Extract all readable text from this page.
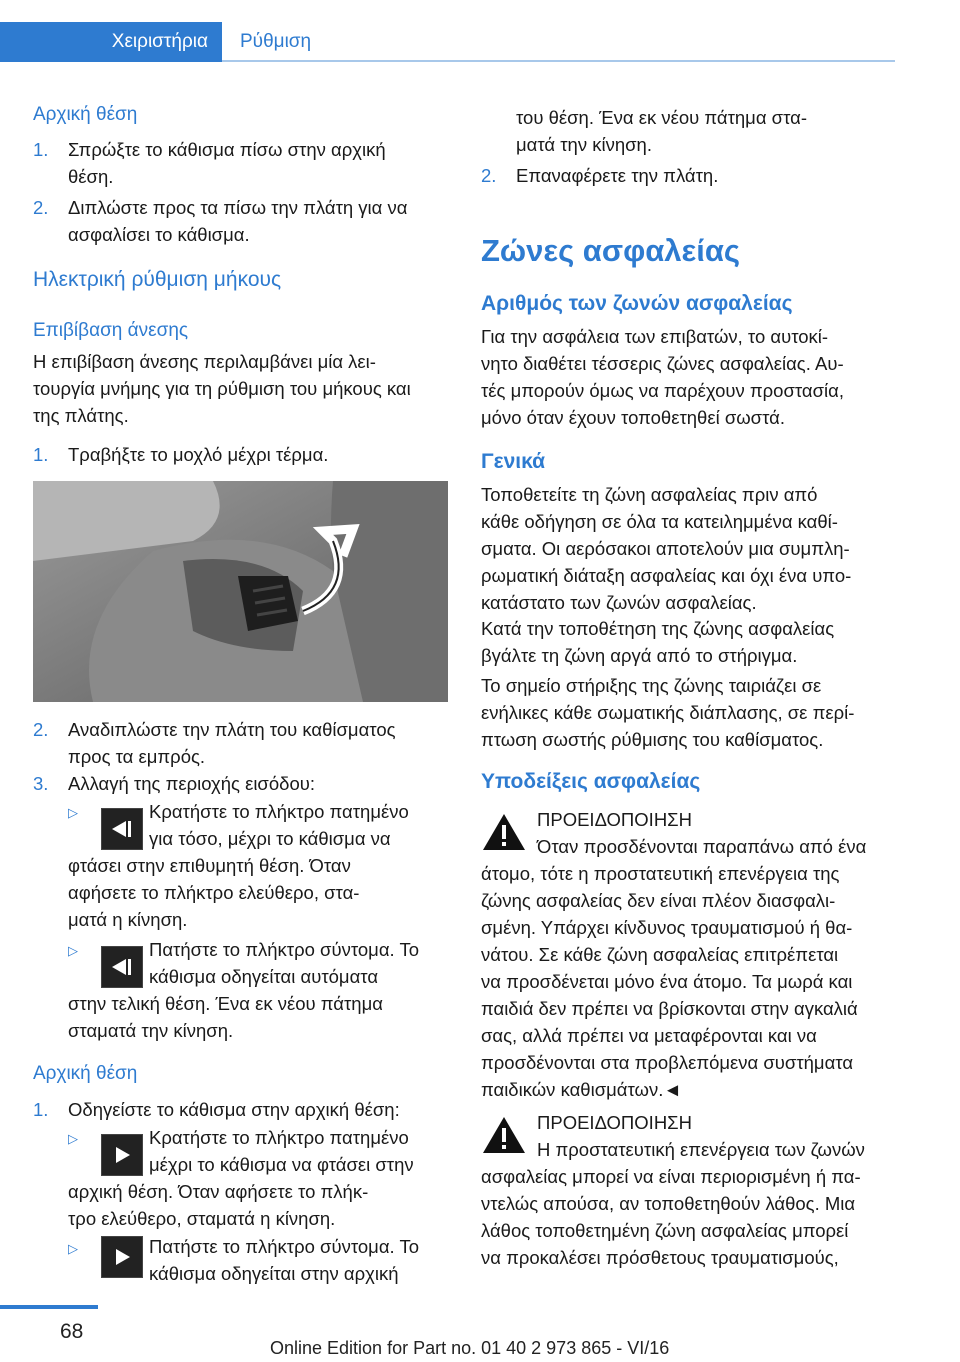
Χειριστήρια	Ρύθμιση
Αρχική θέση
1. Σπρώξτε το κάθισμα πίσω στην αρχική
θέση.
2. Διπλώστε προς τα πίσω την πλάτη για να
ασφαλίσει το κάθισμα.
Ηλεκτρική ρύθμιση μήκους
Επιβίβαση άνεσης
Η επιβίβαση άνεσης περιλαμβάνει μία λει-
τουργία μνήμης για τη ρύθμιση του μήκους και
της πλάτης.
1. Τραβήξτε το μοχλό μέχρι τέρμα.
2. Αναδιπλώστε την πλάτη του καθίσματος
προς τα εμπρός.
3. Αλλαγή της περιοχής εισόδου:
▷	Κρατήστε το πλήκτρο πατημένο
για τόσο, μέχρι το κάθισμα να
φτάσει στην επιθυμητή θέση. Όταν
αφήσετε το πλήκτρο ελεύθερο, στα-
ματά η κίνηση.
▷	Πατήστε το πλήκτρο σύντομα. Το
κάθισμα οδηγείται αυτόματα
στην τελική θέση. Ένα εκ νέου πάτημα
σταματά την κίνηση.
Αρχική θέση
1. Οδηγείστε το κάθισμα στην αρχική θέση:
▷	Κρατήστε το πλήκτρο πατημένο
μέχρι το κάθισμα να φτάσει στην
αρχική θέση. Όταν αφήσετε το πλήκ-
τρο ελεύθερο, σταματά η κίνηση.
▷	Πατήστε το πλήκτρο σύντομα. Το
κάθισμα οδηγείται στην αρχική
του θέση. Ένα εκ νέου πάτημα στα-
ματά την κίνηση.
2. Επαναφέρετε την πλάτη.
Ζώνες ασφαλείας
Αριθμός των ζωνών ασφαλείας
Για την ασφάλεια των επιβατών, το αυτοκί-
νητο διαθέτει τέσσερις ζώνες ασφαλείας. Αυ-
τές μπορούν όμως να παρέχουν προστασία,
μόνο όταν έχουν τοποθετηθεί σωστά.
Γενικά
Τοποθετείτε τη ζώνη ασφαλείας πριν από
κάθε οδήγηση σε όλα τα κατειλημμένα καθί-
σματα. Οι αερόσακοι αποτελούν μια συμπλη-
ρωματική διάταξη ασφαλείας και όχι ένα υπο-
κατάστατο των ζωνών ασφαλείας.
Κατά την τοποθέτηση της ζώνης ασφαλείας
βγάλτε τη ζώνη αργά από το στήριγμα.
Το σημείο στήριξης της ζώνης ταιριάζει σε
ενήλικες κάθε σωματικής διάπλασης, σε περί-
πτωση σωστής ρύθμισης του καθίσματος.
Υποδείξεις ασφαλείας
ΠΡΟΕΙΔΟΠΟΙΗΣΗ
Όταν προσδένονται παραπάνω από ένα
άτομο, τότε η προστατευτική επενέργεια της
ζώνης ασφαλείας δεν είναι πλέον διασφαλι-
σμένη. Υπάρχει κίνδυνος τραυματισμού ή θα-
νάτου. Σε κάθε ζώνη ασφαλείας επιτρέπεται
να προσδένεται μόνο ένα άτομο. Τα μωρά και
παιδιά δεν πρέπει να βρίσκονται στην αγκαλιά
σας, αλλά πρέπει να μεταφέρονται και να
προσδένονται στα προβλεπόμενα συστήματα
παιδικών καθισμάτων.◄
ΠΡΟΕΙΔΟΠΟΙΗΣΗ
Η προστατευτική επενέργεια των ζωνών
ασφαλείας μπορεί να είναι περιορισμένη ή πα-
ντελώς απούσα, αν τοποθετηθούν λάθος. Μια
λάθος τοποθετημένη ζώνη ασφαλείας μπορεί
να προκαλέσει πρόσθετους τραυματισμούς,
68
Online Edition for Part no. 01 40 2 973 865 - VI/16
